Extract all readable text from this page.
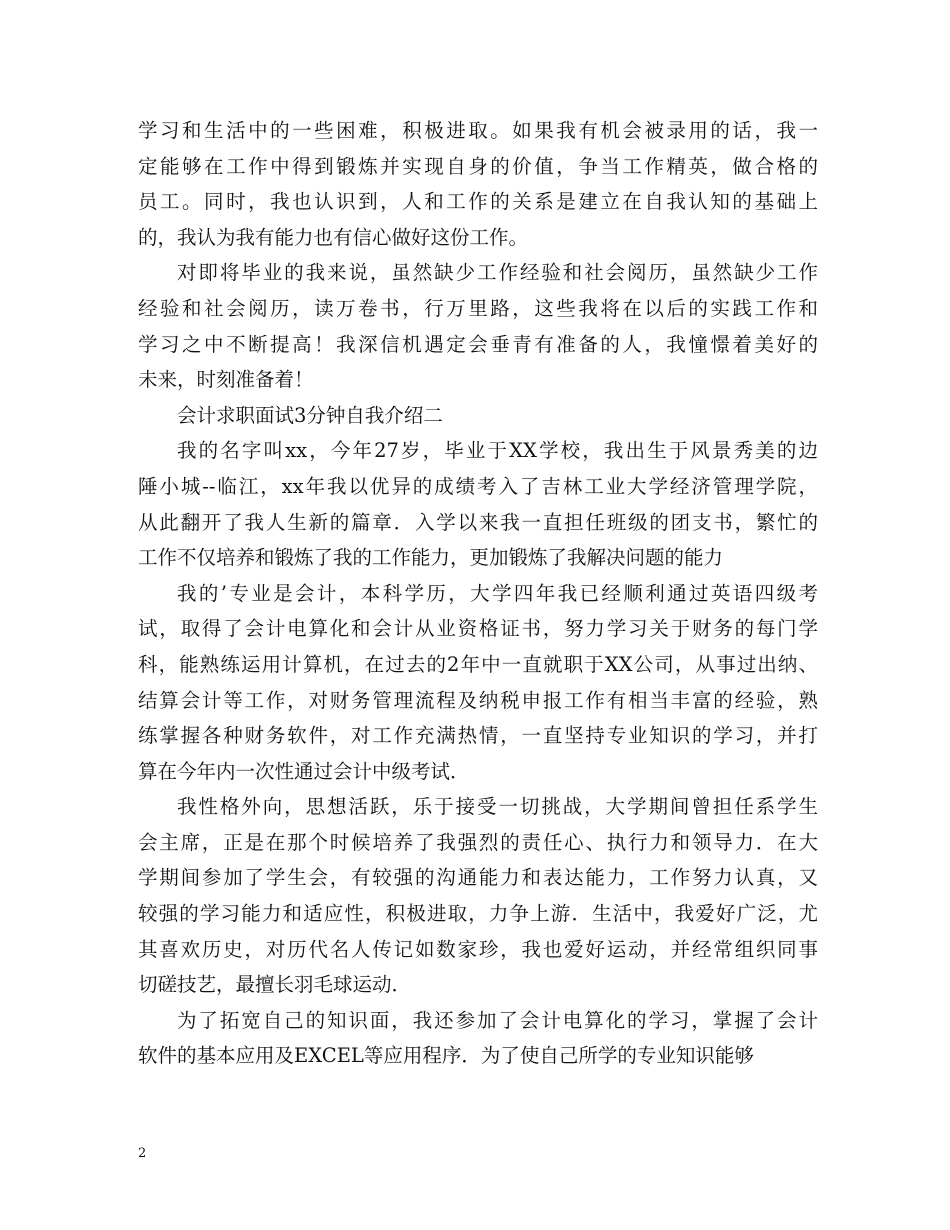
学习和生活中的一些困难，积极进取。如果我有机会被录用的话，我一
定能够在工作中得到锻炼并实现自身的价值，争当工作精英，做合格的
员工。同时，我也认识到，人和工作的关系是建立在自我认知的基础上
的，我认为我有能力也有信心做好这份工作。
对即将毕业的我来说，虽然缺少工作经验和社会阅历，虽然缺少工作
经验和社会阅历，读万卷书，行万里路，这些我将在以后的实践工作和
学习之中不断提高！我深信机遇定会垂青有准备的人，我憧憬着美好的
未来，时刻准备着！
会计求职面试3分钟自我介绍二
我的名字叫xx，今年27岁，毕业于XX学校，我出生于风景秀美的边
陲小城--临江，xx年我以优异的成绩考入了吉林工业大学经济管理学院，
从此翻开了我人生新的篇章．入学以来我一直担任班级的团支书，繁忙的
工作不仅培养和锻炼了我的工作能力，更加锻炼了我解决问题的能力
我的’专业是会计，本科学历，大学四年我已经顺利通过英语四级考
试，取得了会计电算化和会计从业资格证书，努力学习关于财务的每门学
科，能熟练运用计算机，在过去的2年中一直就职于XX公司，从事过出纳、
结算会计等工作，对财务管理流程及纳税申报工作有相当丰富的经验，熟
练掌握各种财务软件，对工作充满热情，一直坚持专业知识的学习，并打
算在今年内一次性通过会计中级考试．
我性格外向，思想活跃，乐于接受一切挑战，大学期间曾担任系学生
会主席，正是在那个时候培养了我强烈的责任心、执行力和领导力．在大
学期间参加了学生会，有较强的沟通能力和表达能力，工作努力认真，又
较强的学习能力和适应性，积极进取，力争上游．生活中，我爱好广泛，尤
其喜欢历史，对历代名人传记如数家珍，我也爱好运动，并经常组织同事
切磋技艺，最擅长羽毛球运动．
为了拓宽自己的知识面，我还参加了会计电算化的学习，掌握了会计
软件的基本应用及EXCEL等应用程序．为了使自己所学的专业知识能够
2
